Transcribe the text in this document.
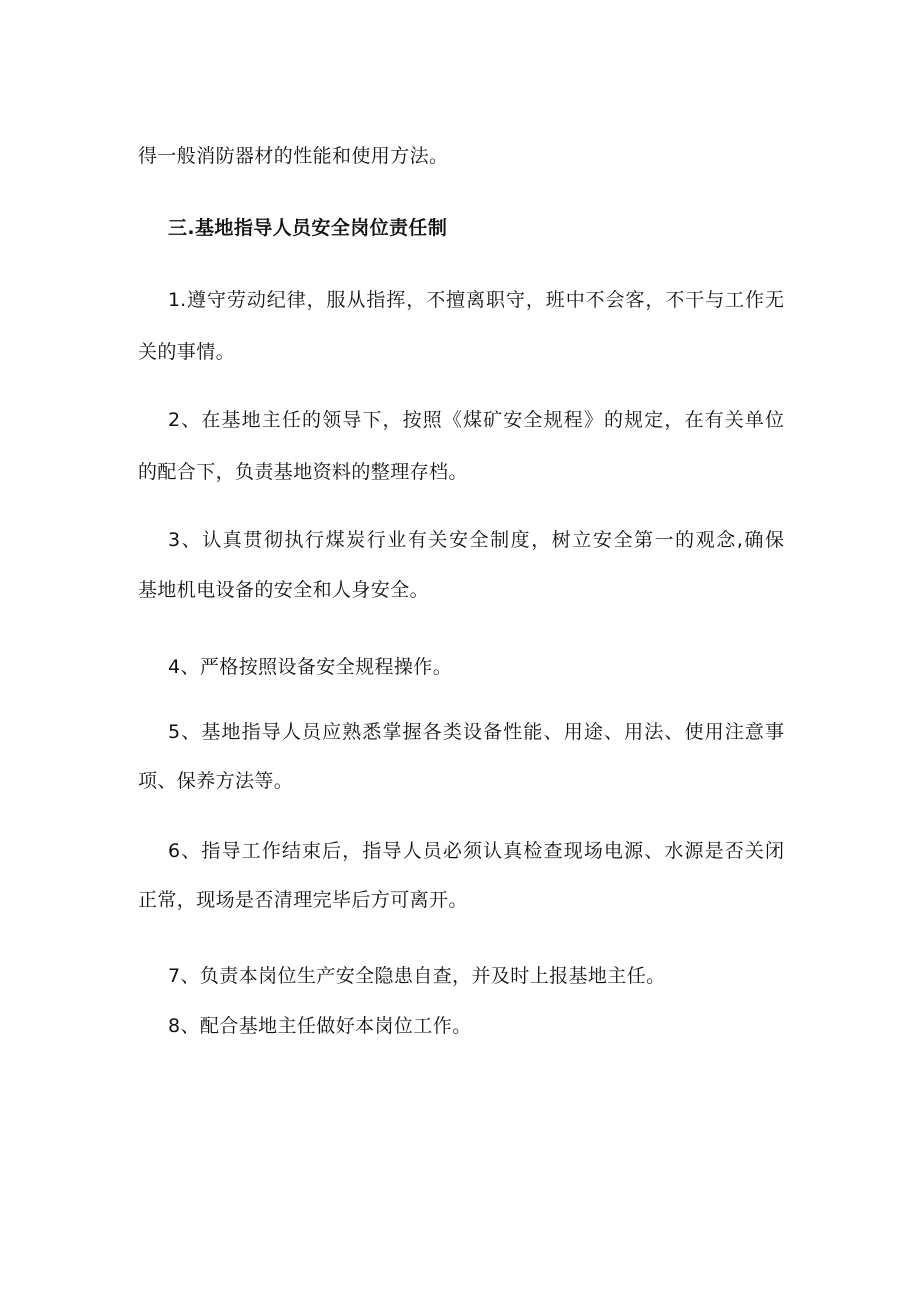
得一般消防器材的性能和使用方法。

三.基地指导人员安全岗位责任制

1.遵守劳动纪律，服从指挥，不擅离职守，班中不会客，不干与工作无

关的事情。

2、在基地主任的领导下，按照《煤矿安全规程》的规定，在有关单位

的配合下，负责基地资料的整理存档。

3、认真贯彻执行煤炭行业有关安全制度，树立安全第一的观念,确保

基地机电设备的安全和人身安全。

4、严格按照设备安全规程操作。

5、基地指导人员应熟悉掌握各类设备性能、用途、用法、使用注意事

项、保养方法等。

6、指导工作结束后，指导人员必须认真检查现场电源、水源是否关闭

正常，现场是否清理完毕后方可离开。

7、负责本岗位生产安全隐患自查，并及时上报基地主任。

8、配合基地主任做好本岗位工作。
